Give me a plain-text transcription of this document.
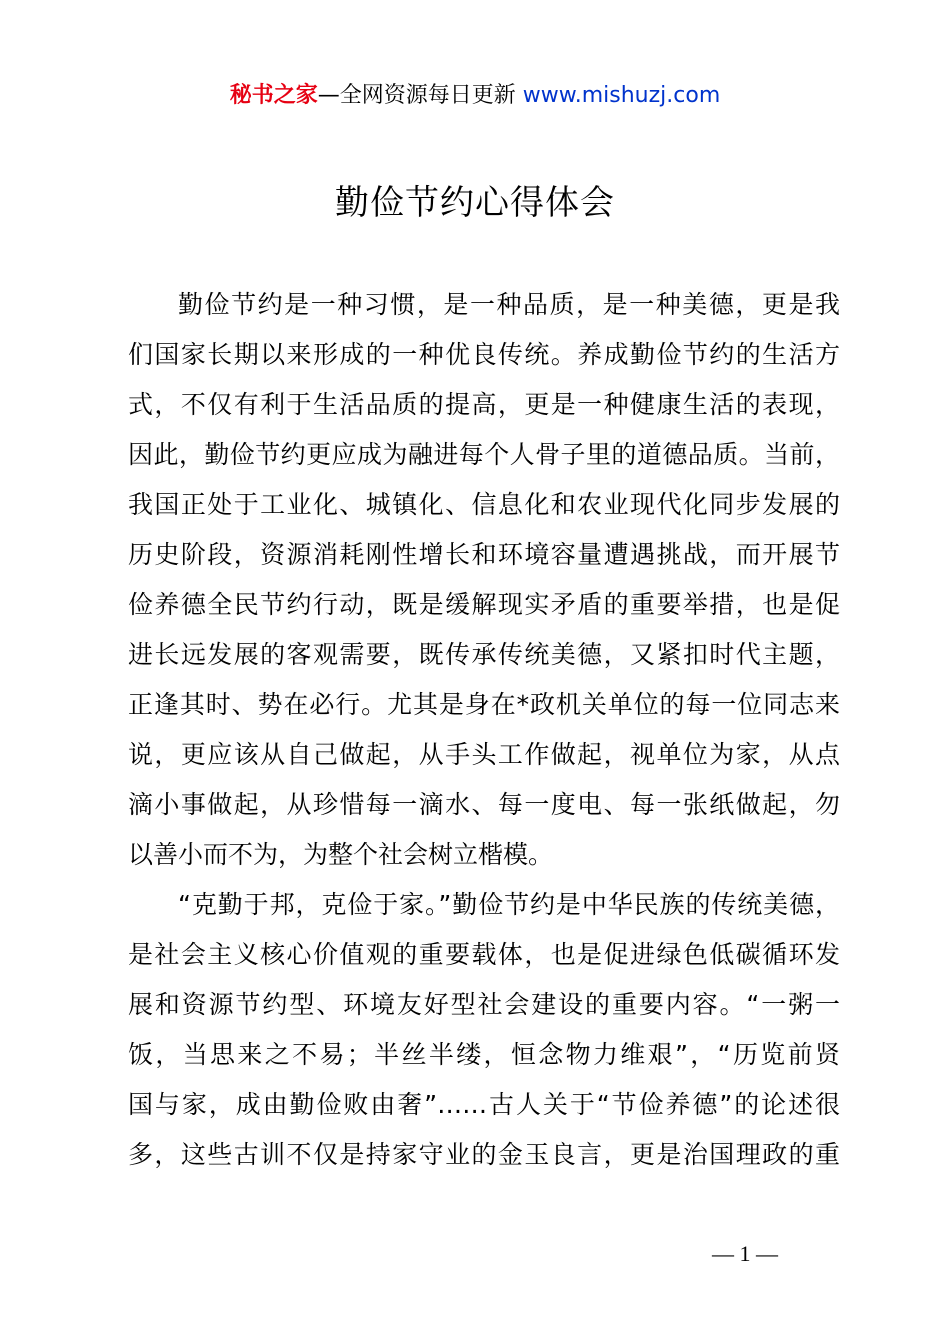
秘书之家—全网资源每日更新 www.mishuzj.com
勤俭节约心得体会
勤俭节约是一种习惯，是一种品质，是一种美德，更是我
们国家长期以来形成的一种优良传统。养成勤俭节约的生活方
式，不仅有利于生活品质的提高，更是一种健康生活的表现，
因此，勤俭节约更应成为融进每个人骨子里的道德品质。当前，
我国正处于工业化、城镇化、信息化和农业现代化同步发展的
历史阶段，资源消耗刚性增长和环境容量遭遇挑战，而开展节
俭养德全民节约行动，既是缓解现实矛盾的重要举措，也是促
进长远发展的客观需要，既传承传统美德，又紧扣时代主题，
正逢其时、势在必行。尤其是身在*政机关单位的每一位同志来
说，更应该从自己做起，从手头工作做起，视单位为家，从点
滴小事做起，从珍惜每一滴水、每一度电、每一张纸做起，勿
以善小而不为，为整个社会树立楷模。
“克勤于邦，克俭于家。”勤俭节约是中华民族的传统美德，
是社会主义核心价值观的重要载体，也是促进绿色低碳循环发
展和资源节约型、环境友好型社会建设的重要内容。“一粥一
饭，当思来之不易；半丝半缕，恒念物力维艰”，“历览前贤
国与家，成由勤俭败由奢”……古人关于“节俭养德”的论述很
多，这些古训不仅是持家守业的金玉良言，更是治国理政的重
— 1 —
